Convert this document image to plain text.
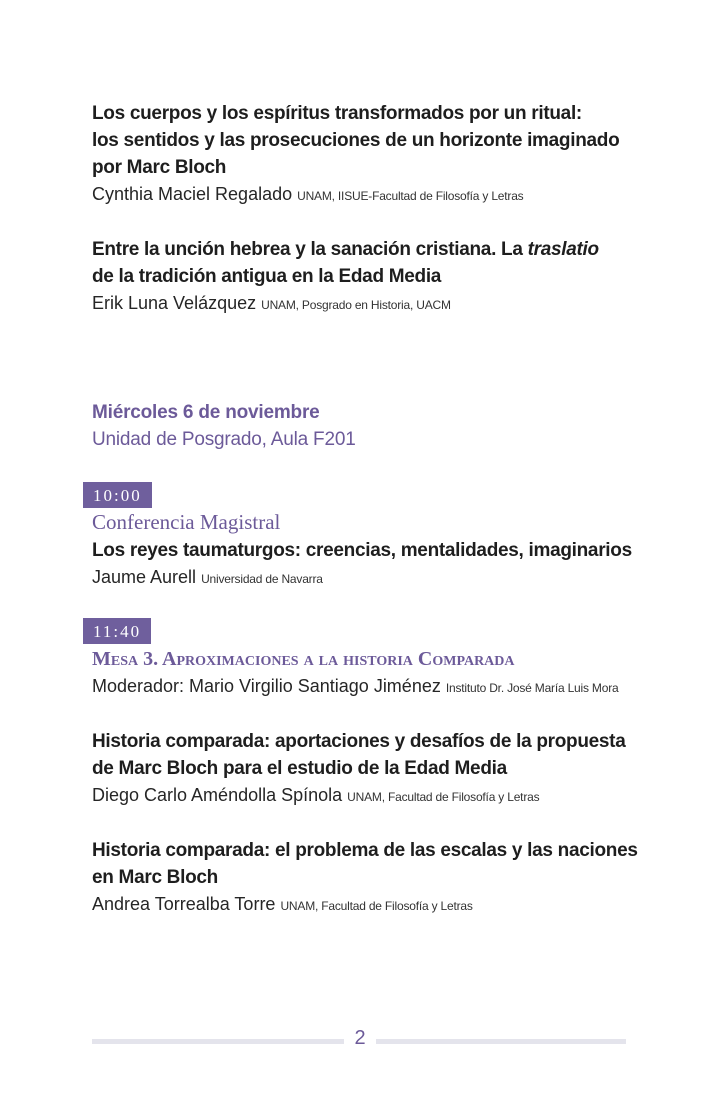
Los cuerpos y los espíritus transformados por un ritual:
los sentidos y las prosecuciones de un horizonte imaginado
por Marc Bloch

Cynthia Maciel Regalado UNAM, IISUE-Facultad de Filosofía y Letras

Entre la unción hebrea y la sanación cristiana. La traslatio
de la tradición antigua en la Edad Media

Erik Luna Velázquez UNAM, Posgrado en Historia, UACM

Miércoles 6 de noviembre
Unidad de Posgrado, Aula F201
10:00

Conferencia Magistral

Los reyes taumaturgos: creencias, mentalidades, imaginarios

Jaume Aurell Universidad de Navarra

11:40

Mesa 3. Aproximaciones a la historia Comparada

Moderador: Mario Virgilio Santiago Jiménez Instituto Dr. José María Luis Mora

Historia comparada: aportaciones y desafíos de la propuesta
de Marc Bloch para el estudio de la Edad Media

Diego Carlo Améndolla Spínola UNAM, Facultad de Filosofía y Letras

Historia comparada: el problema de las escalas y las naciones
en Marc Bloch

Andrea Torrealba Torre UNAM, Facultad de Filosofía y Letras

2
